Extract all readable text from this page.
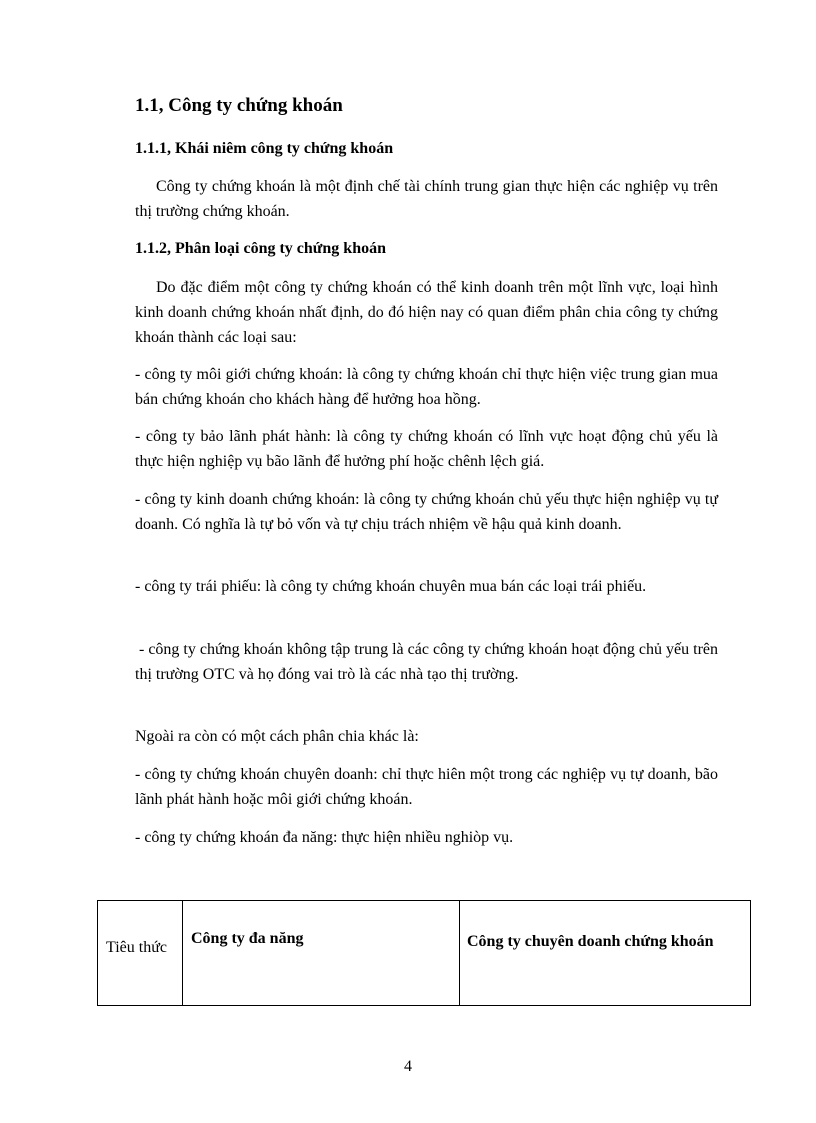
1.1, Công ty chứng khoán
1.1.1, Khái niêm công ty chứng khoán
Công ty chứng khoán là một định chế tài chính trung gian thực hiện các nghiệp vụ trên thị trường chứng khoán.
1.1.2, Phân loại công ty chứng khoán
Do đặc điểm một công ty chứng khoán có thể kinh doanh trên một lĩnh vực, loại hình kinh doanh chứng khoán nhất định, do đó hiện nay có quan điểm phân chia công ty chứng khoán thành các loại sau:
- công ty môi giới chứng khoán: là công ty chứng khoán chỉ thực hiện việc trung gian mua bán chứng khoán cho khách hàng để hưởng hoa hồng.
- công ty bảo lãnh phát hành: là công ty chứng khoán có lĩnh vực hoạt động chủ yếu là thực hiện nghiệp vụ bão lãnh để hưởng phí hoặc chênh lệch giá.
- công ty kinh doanh chứng khoán: là công ty chứng khoán chủ yếu thực hiện nghiệp vụ tự doanh. Có nghĩa là tự bỏ vốn và tự chịu trách nhiệm về hậu quả kinh doanh.
- công ty trái phiếu: là công ty chứng khoán chuyên mua bán các loại trái phiếu.
- công ty chứng khoán không tập trung là các công ty chứng khoán hoạt động chủ yếu trên thị trường OTC và họ đóng vai trò là các nhà tạo thị trường.
Ngoài ra còn có một cách phân chia khác là:
- công ty chứng khoán chuyên doanh: chỉ thực hiên một trong các nghiệp vụ tự doanh, bão lãnh phát hành hoặc môi giới chứng khoán.
- công ty chứng khoán đa năng: thực hiện nhiều nghiòp vụ.
Tiêu thức	Công ty đa năng	Công ty chuyên doanh chứng khoán
4
